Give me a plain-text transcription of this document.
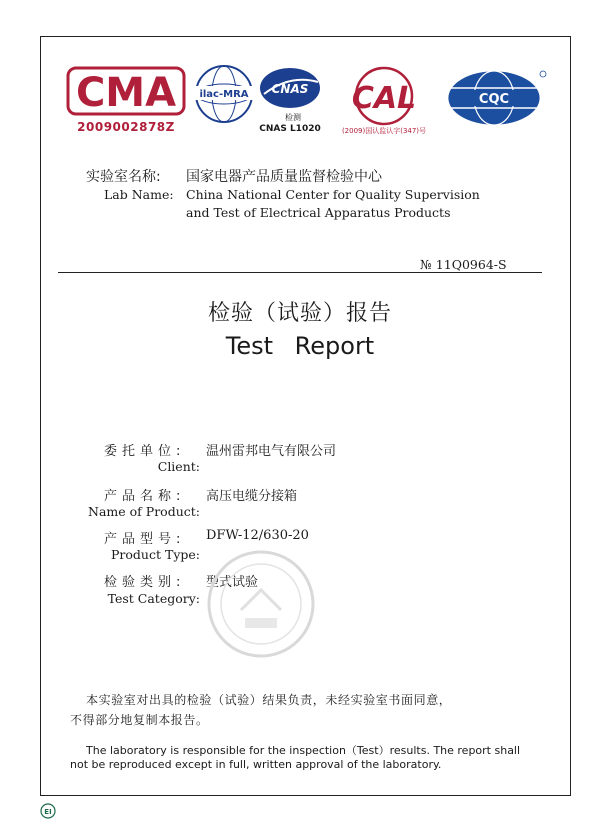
CMA
2009002878Z
ilac-MRA CNAS
检测
CNAS L1020
CAL
(2009)国认监认字(347)号
CQC
实验室名称: 国家电器产品质量监督检验中心
Lab Name: China National Center for Quality Supervision
and Test of Electrical Apparatus Products
№ 11Q0964-S
检验（试验）报告
Test Report
委托单位: 温州雷邦电气有限公司
Client:
产品名称: 高压电缆分接箱
Name of Product:
产品型号: DFW-12/630-20
Product Type:
检验类别: 型式试验
Test Category:
本实验室对出具的检验（试验）结果负责，未经实验室书面同意，
不得部分地复制本报告。
The laboratory is responsible for the inspection（Test）results. The report shall
not be reproduced except in full, written approval of the laboratory.
EI
